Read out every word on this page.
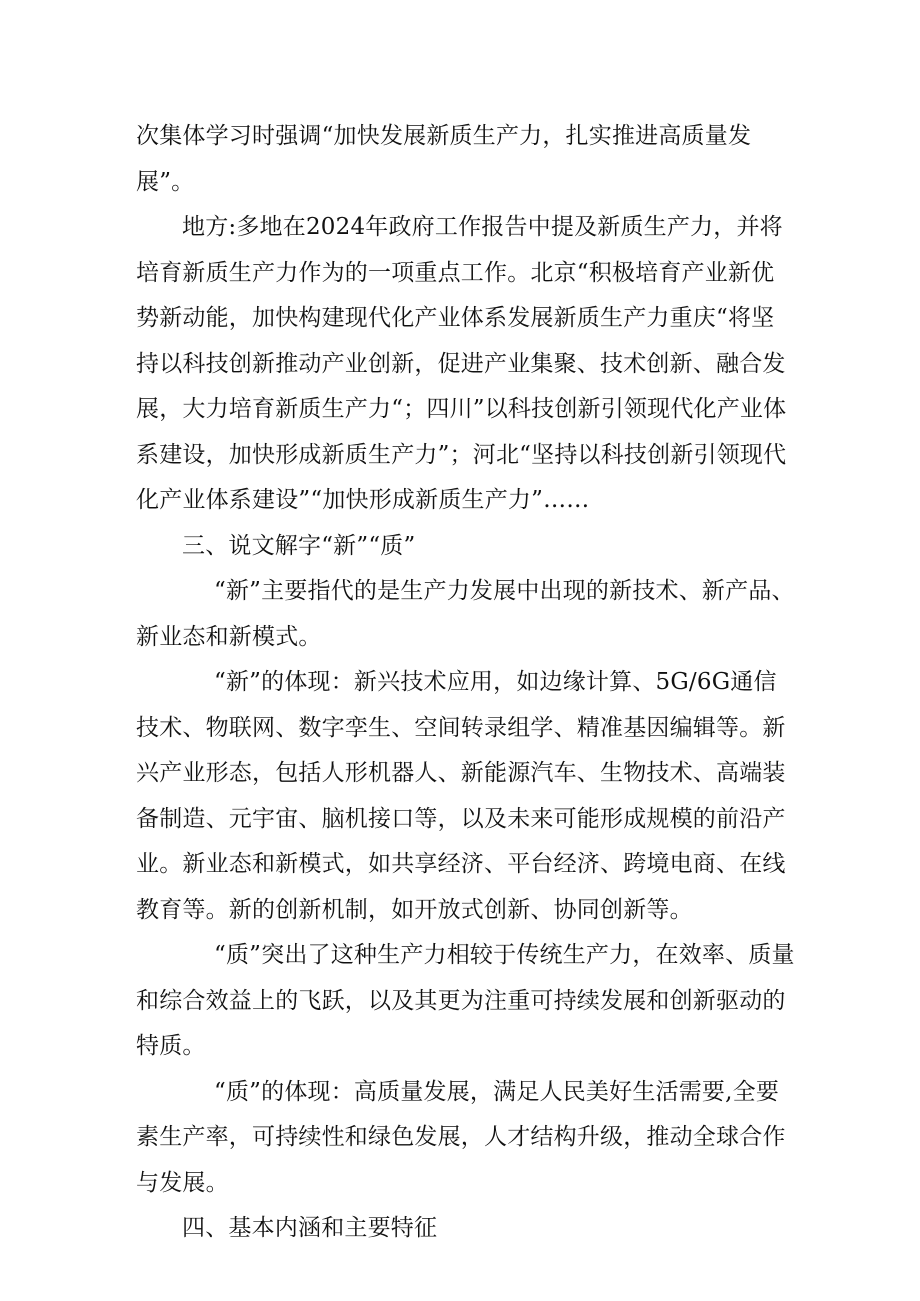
次集体学习时强调“加快发展新质生产力，扎实推进高质量发展”。

地方:多地在2024年政府工作报告中提及新质生产力，并将培育新质生产力作为的一项重点工作。北京“积极培育产业新优势新动能，加快构建现代化产业体系发展新质生产力重庆“将坚持以科技创新推动产业创新，促进产业集聚、技术创新、融合发展，大力培育新质生产力“；四川”以科技创新引领现代化产业体系建设，加快形成新质生产力”；河北“坚持以科技创新引领现代化产业体系建设”“加快形成新质生产力”……

三、说文解字“新”“质”

“新”主要指代的是生产力发展中出现的新技术、新产品、新业态和新模式。

“新”的体现：新兴技术应用，如边缘计算、5G/6G通信技术、物联网、数字孪生、空间转录组学、精准基因编辑等。新兴产业形态，包括人形机器人、新能源汽车、生物技术、高端装备制造、元宇宙、脑机接口等，以及未来可能形成规模的前沿产业。新业态和新模式，如共享经济、平台经济、跨境电商、在线教育等。新的创新机制，如开放式创新、协同创新等。

“质”突出了这种生产力相较于传统生产力，在效率、质量和综合效益上的飞跃，以及其更为注重可持续发展和创新驱动的特质。

“质”的体现：高质量发展，满足人民美好生活需要,全要素生产率，可持续性和绿色发展，人才结构升级，推动全球合作与发展。

四、基本内涵和主要特征
